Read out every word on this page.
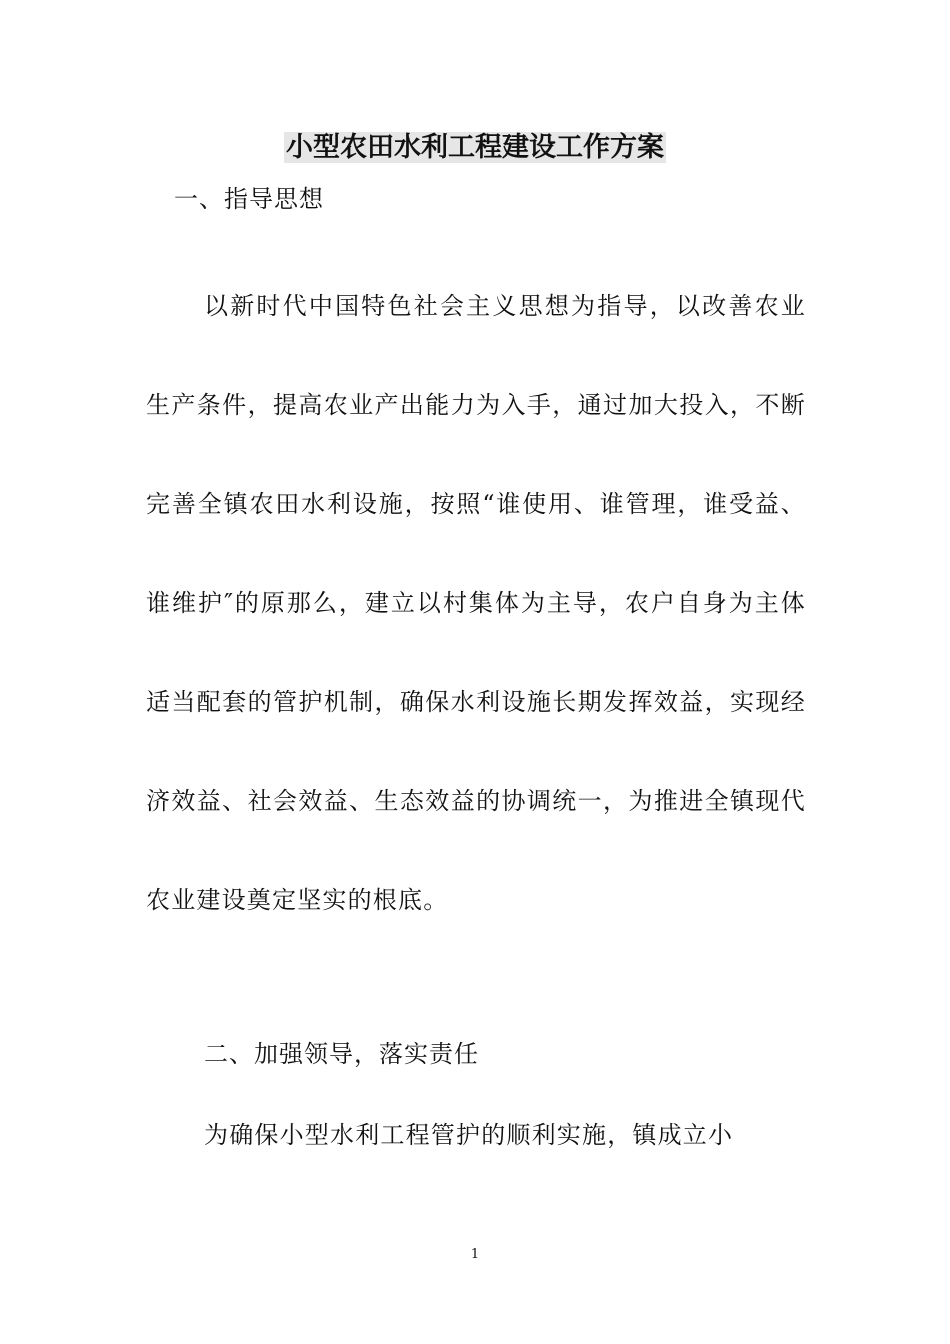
小型农田水利工程建设工作方案

一、指导思想

以新时代中国特色社会主义思想为指导，以改善农业生产条件，提高农业产出能力为入手，通过加大投入，不断完善全镇农田水利设施，按照“谁使用、谁管理，谁受益、谁维护″的原那么，建立以村集体为主导，农户自身为主体适当配套的管护机制，确保水利设施长期发挥效益，实现经济效益、社会效益、生态效益的协调统一，为推进全镇现代农业建设奠定坚实的根底。

二、加强领导，落实责任

为确保小型水利工程管护的顺利实施，镇成立小

1
